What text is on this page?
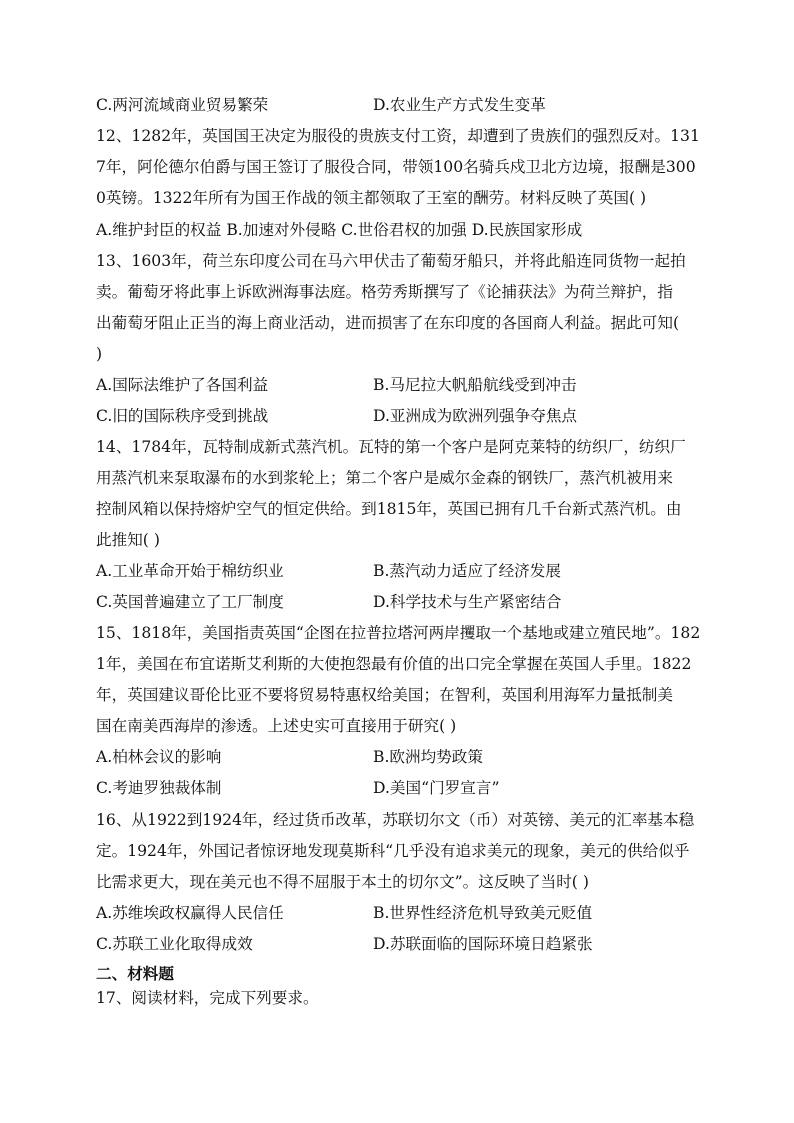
C.两河流域商业贸易繁荣	D.农业生产方式发生变革
12、1282年，英国国王决定为服役的贵族支付工资，却遭到了贵族们的强烈反对。131
7年，阿伦德尔伯爵与国王签订了服役合同，带领100名骑兵戍卫北方边境，报酬是300
0英镑。1322年所有为国王作战的领主都领取了王室的酬劳。材料反映了英国( )
A.维护封臣的权益 B.加速对外侵略 C.世俗君权的加强 D.民族国家形成
13、1603年，荷兰东印度公司在马六甲伏击了葡萄牙船只，并将此船连同货物一起拍
卖。葡萄牙将此事上诉欧洲海事法庭。格劳秀斯撰写了《论捕获法》为荷兰辩护，指
出葡萄牙阻止正当的海上商业活动，进而损害了在东印度的各国商人利益。据此可知(
)
A.国际法维护了各国利益	B.马尼拉大帆船航线受到冲击
C.旧的国际秩序受到挑战	D.亚洲成为欧洲列强争夺焦点
14、1784年，瓦特制成新式蒸汽机。瓦特的第一个客户是阿克莱特的纺织厂，纺织厂
用蒸汽机来泵取瀑布的水到浆轮上；第二个客户是威尔金森的钢铁厂，蒸汽机被用来
控制风箱以保持熔炉空气的恒定供给。到1815年，英国已拥有几千台新式蒸汽机。由
此推知( )
A.工业革命开始于棉纺织业	B.蒸汽动力适应了经济发展
C.英国普遍建立了工厂制度	D.科学技术与生产紧密结合
15、1818年，美国指责英国“企图在拉普拉塔河两岸攫取一个基地或建立殖民地”。182
1年，美国在布宜诺斯艾利斯的大使抱怨最有价值的出口完全掌握在英国人手里。1822
年，英国建议哥伦比亚不要将贸易特惠权给美国；在智利，英国利用海军力量抵制美
国在南美西海岸的渗透。上述史实可直接用于研究( )
A.柏林会议的影响	B.欧洲均势政策
C.考迪罗独裁体制	D.美国“门罗宣言”
16、从1922到1924年，经过货币改革，苏联切尔文（币）对英镑、美元的汇率基本稳
定。1924年，外国记者惊讶地发现莫斯科“几乎没有追求美元的现象，美元的供给似乎
比需求更大，现在美元也不得不屈服于本土的切尔文”。这反映了当时( )
A.苏维埃政权赢得人民信任	B.世界性经济危机导致美元贬值
C.苏联工业化取得成效	D.苏联面临的国际环境日趋紧张
二、材料题
17、阅读材料，完成下列要求。
